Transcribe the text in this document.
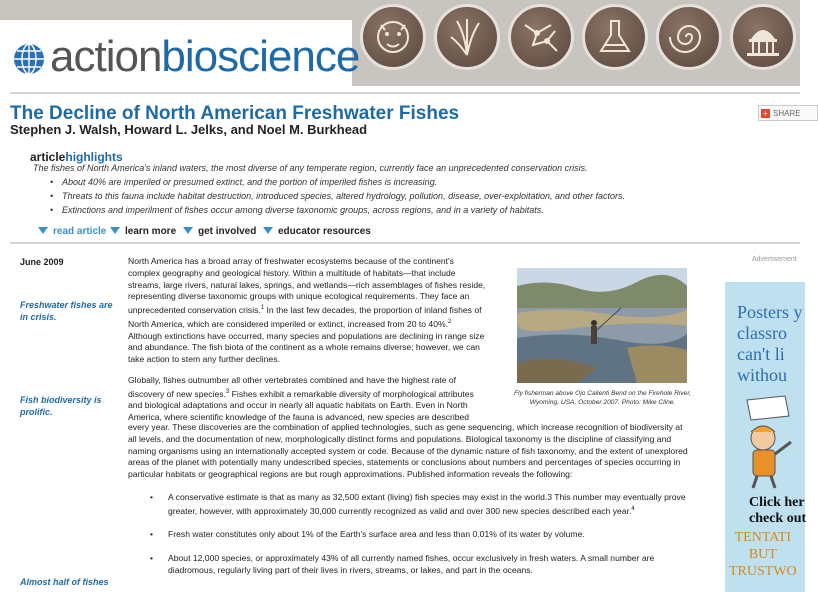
actionbioscience
The Decline of North American Freshwater Fishes
Stephen J. Walsh, Howard L. Jelks, and Noel M. Burkhead
+ SHARE
articlehighlights
The fishes of North America's inland waters, the most diverse of any temperate region, currently face an unprecedented conservation crisis.
• About 40% are imperiled or presumed extinct, and the portion of imperiled fishes is increasing.
• Threats to this fauna include habitat destruction, introduced species, altered hydrology, pollution, disease, over-exploitation, and other factors.
• Extinctions and imperilment of fishes occur among diverse taxonomic groups, across regions, and in a variety of habitats.
read article	learn more	get involved	educator resources
June 2009
Freshwater fishes are
in crisis.
Fish biodiversity is
prolific.
Almost half of fishes
North America has a broad array of freshwater ecosystems because of the continent's
complex geography and geological history. Within a multitude of habitats—that include
streams, large rivers, natural lakes, springs, and wetlands—rich assemblages of fishes reside,
representing diverse taxonomic groups with unique ecological requirements. They face an
unprecedented conservation crisis.$^1$ In the last few decades, the proportion of inland fishes of
North America, which are considered imperiled or extinct, increased from 20 to 40%.$^2$
Although extinctions have occurred, many species and populations are declining in range size
and abundance. The fish biota of the continent as a whole remains diverse; however, we can
take action to stem any further declines.
Fly fisherman above Ojo Calienti Bend on the Firehole River,
Wyoming, USA, October 2007. Photo: Mike Cline.
Globally, fishes outnumber all other vertebrates combined and have the highest rate of
discovery of new species.$^3$ Fishes exhibit a remarkable diversity of morphological attributes
and biological adaptations and occur in nearly all aquatic habitats on Earth. Even in North
America, where scientific knowledge of the fauna is advanced, new species are described
every year. These discoveries are the combination of applied technologies, such as gene sequencing, which increase recognition of biodiversity at
all levels, and the documentation of new, morphologically distinct forms and populations. Biological taxonomy is the discipline of classifying and
naming organisms using an internationally accepted system or code. Because of the dynamic nature of fish taxonomy, and the extent of unexplored
areas of the planet with potentially many undescribed species, statements or conclusions about numbers and percentages of species occurring in
particular habitats or geographical regions are but rough approximations. Published information reveals the following:
• A conservative estimate is that as many as 32,500 extant (living) fish species may exist in the world.3 This number may eventually prove
greater, however, with approximately 30,000 currently recognized as valid and over 300 new species described each year.$^4$
• Fresh water constitutes only about 1% of the Earth's surface area and less than 0.01% of its water by volume.
• About 12,000 species, or approximately 43% of all currently named fishes, occur exclusively in fresh waters. A small number are
diadromous, regularly living part of their lives in rivers, streams, or lakes, and part in the oceans.
Advertisement
Posters y
classro
can't li
withou
Click her
check out
TENTATI
BUT
TRUSTWO
